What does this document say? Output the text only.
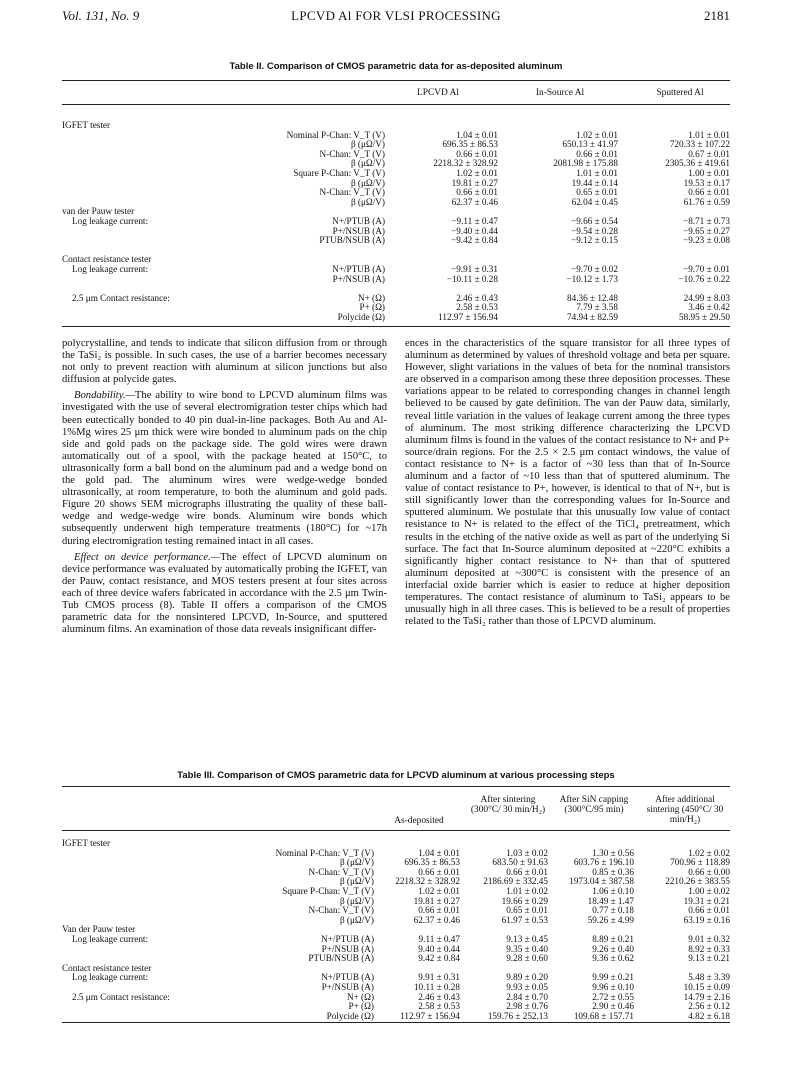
Vol. 131, No. 9	LPCVD Al FOR VLSI PROCESSING	2181
Table II. Comparison of CMOS parametric data for as-deposited aluminum
LPCVD Al	In-Source Al	Sputtered Al
IGFET tester
Nominal P-Chan: V_T (V)	1.04 ± 0.01	1.02 ± 0.01	1.01 ± 0.01
β (μΩ/V)	696.35 ± 86.53	650.13 ± 41.97	720.33 ± 107.22
N-Chan: V_T (V)	0.66 ± 0.01	0.66 ± 0.01	0.67 ± 0.01
β (μΩ/V)	2218.32 ± 328.92	2081.98 ± 175.88	2305.36 ± 419.61
Square P-Chan: V_T (V)	1.02 ± 0.01	1.01 ± 0.01	1.00 ± 0.01
β (μΩ/V)	19.81 ± 0.27	19.44 ± 0.14	19.53 ± 0.17
N-Chan: V_T (V)	0.66 ± 0.01	0.65 ± 0.01	0.66 ± 0.01
β (μΩ/V)	62.37 ± 0.46	62.04 ± 0.45	61.76 ± 0.59
van der Pauw tester
Log leakage current:	N+/PTUB (A)	−9.11 ± 0.47	−9.66 ± 0.54	−8.71 ± 0.73
P+/NSUB (A)	−9.40 ± 0.44	−9.54 ± 0.28	−9.65 ± 0.27
PTUB/NSUB (A)	−9.42 ± 0.84	−9.12 ± 0.15	−9.23 ± 0.08
Contact resistance tester
Log leakage current:	N+/PTUB (A)	−9.91 ± 0.31	−9.70 ± 0.02	−9.70 ± 0.01
P+/NSUB (A)	−10.11 ± 0.28	−10.12 ± 1.73	−10.76 ± 0.22
2.5 μm Contact resistance:	N+ (Ω)	2.46 ± 0.43	84.36 ± 12.48	24.99 ± 8.03
P+ (Ω)	2.58 ± 0.53	7.79 ± 3.58	3.46 ± 0.42
Polycide (Ω)	112.97 ± 156.94	74.94 ± 82.59	58.95 ± 29.50

polycrystalline, and tends to indicate that silicon diffusion from or through the TaSi₂ is possible. In such cases, the use of a barrier becomes necessary not only to prevent reaction with aluminum at silicon junctions but also diffusion at polycide gates.

Bondability.—The ability to wire bond to LPCVD aluminum films was investigated with the use of several electromigration tester chips which had been eutectically bonded to 40 pin dual-in-line packages. Both Au and Al-1%Mg wires 25 μm thick were wire bonded to aluminum pads on the chip side and gold pads on the package side. The gold wires were drawn automatically out of a spool, with the package heated at 150°C, to ultrasonically form a ball bond on the aluminum pad and a wedge bond on the gold pad. The aluminum wires were wedge-wedge bonded ultrasonically, at room temperature, to both the aluminum and gold pads. Figure 20 shows SEM micrographs illustrating the quality of these ball-wedge and wedge-wedge wire bonds. Aluminum wire bonds which subsequently underwent high temperature treatments (180°C) for ~17h during electromigration testing remained intact in all cases.

Effect on device performance.—The effect of LPCVD aluminum on device performance was evaluated by automatically probing the IGFET, van der Pauw, contact resistance, and MOS testers present at four sites across each of three device wafers fabricated in accordance with the 2.5 μm Twin-Tub CMOS process (8). Table II offers a comparison of the CMOS parametric data for the nonsintered LPCVD, In-Source, and sputtered aluminum films. An examination of those data reveals insignificant differ-

ences in the characteristics of the square transistor for all three types of aluminum as determined by values of threshold voltage and beta per square. However, slight variations in the values of beta for the nominal transistors are observed in a comparison among these three deposition processes. These variations appear to be related to corresponding changes in channel length believed to be caused by gate definition. The van der Pauw data, similarly, reveal little variation in the values of leakage current among the three types of aluminum. The most striking difference characterizing the LPCVD aluminum films is found in the values of the contact resistance to N+ and P+ source/drain regions. For the 2.5 × 2.5 μm contact windows, the value of contact resistance to N+ is a factor of ~30 less than that of In-Source aluminum and a factor of ~10 less than that of sputtered aluminum. The value of contact resistance to P+, however, is identical to that of N+, but is still significantly lower than the corresponding values for In-Source and sputtered aluminum. We postulate that this unusually low value of contact resistance to N+ is related to the effect of the TiCl₄ pretreatment, which results in the etching of the native oxide as well as part of the underlying Si surface. The fact that In-Source aluminum deposited at ~220°C exhibits a significantly higher contact resistance to N+ than that of sputtered aluminum deposited at ~300°C is consistent with the presence of an interfacial oxide barrier which is easier to reduce at higher deposition temperatures. The contact resistance of aluminum to TaSi₂ appears to be unusually high in all three cases. This is believed to be a result of properties related to the TaSi₂ rather than those of LPCVD aluminum.

Table III. Comparison of CMOS parametric data for LPCVD aluminum at various processing steps
As-deposited
After sintering (300°C/ 30 min/H₂)
After SiN capping (300°C/95 min)
After additional sintering (450°C/ 30 min/H₂)
IGFET tester
Nominal P-Chan: V_T (V)	1.04 ± 0.01	1.03 ± 0.02	1.30 ± 0.56	1.02 ± 0.02
β (μΩ/V)	696.35 ± 86.53	683.50 ± 91.63	603.76 ± 196.10	700.96 ± 118.89
N-Chan: V_T (V)	0.66 ± 0.01	0.66 ± 0.01	0.85 ± 0.36	0.66 ± 0.00
β (μΩ/V) 2218.32 ± 328.92	2186.69 ± 332.45 1973.04 ± 387.58	2210.26 ± 383.55
Square P-Chan: V_T (V)	1.02 ± 0.01	1.01 ± 0.02	1.06 ± 0.10	1.00 ± 0.02
β (μΩ/V)	19.81 ± 0.27	19.66 ± 0.29	18.49 ± 1.47	19.31 ± 0.21
N-Chan: V_T (V)	0.66 ± 0.01	0.65 ± 0.01	0.77 ± 0.18	0.66 ± 0.01
β (μΩ/V)	62.37 ± 0.46	61.97 ± 0.53	59.26 ± 4.99	63.19 ± 0.16
Van der Pauw tester
Log leakage current:	N+/PTUB (A)	9.11 ± 0.47	9.13 ± 0.45	8.89 ± 0.21	9.01 ± 0.32
P+/NSUB (A)	9.40 ± 0.44	9.35 ± 0.40	9.26 ± 0.40	8.92 ± 0.33
PTUB/NSUB (A)	9.42 ± 0.84	9.28 ± 0.60	9.36 ± 0.62	9.13 ± 0.21
Contact resistance tester
Log leakage current:	N+/PTUB (A)	9.91 ± 0.31	9.89 ± 0.20	9.99 ± 0.21	5.48 ± 3.39
P+/NSUB (A)	10.11 ± 0.28	9.93 ± 0.05	9.96 ± 0.10	10.15 ± 0.09
2.5 μm Contact resistance:	N+ (Ω)	2.46 ± 0.43	2.84 ± 0.70	2.72 ± 0.55	14.79 ± 2.16
P+ (Ω)	2.58 ± 0.53	2.98 ± 0.76	2.90 ± 0.46	2.56 ± 0.12
Polycide (Ω)	112.97 ± 156.94	159.76 ± 252.13	109.68 ± 157.71	4.82 ± 6.18
